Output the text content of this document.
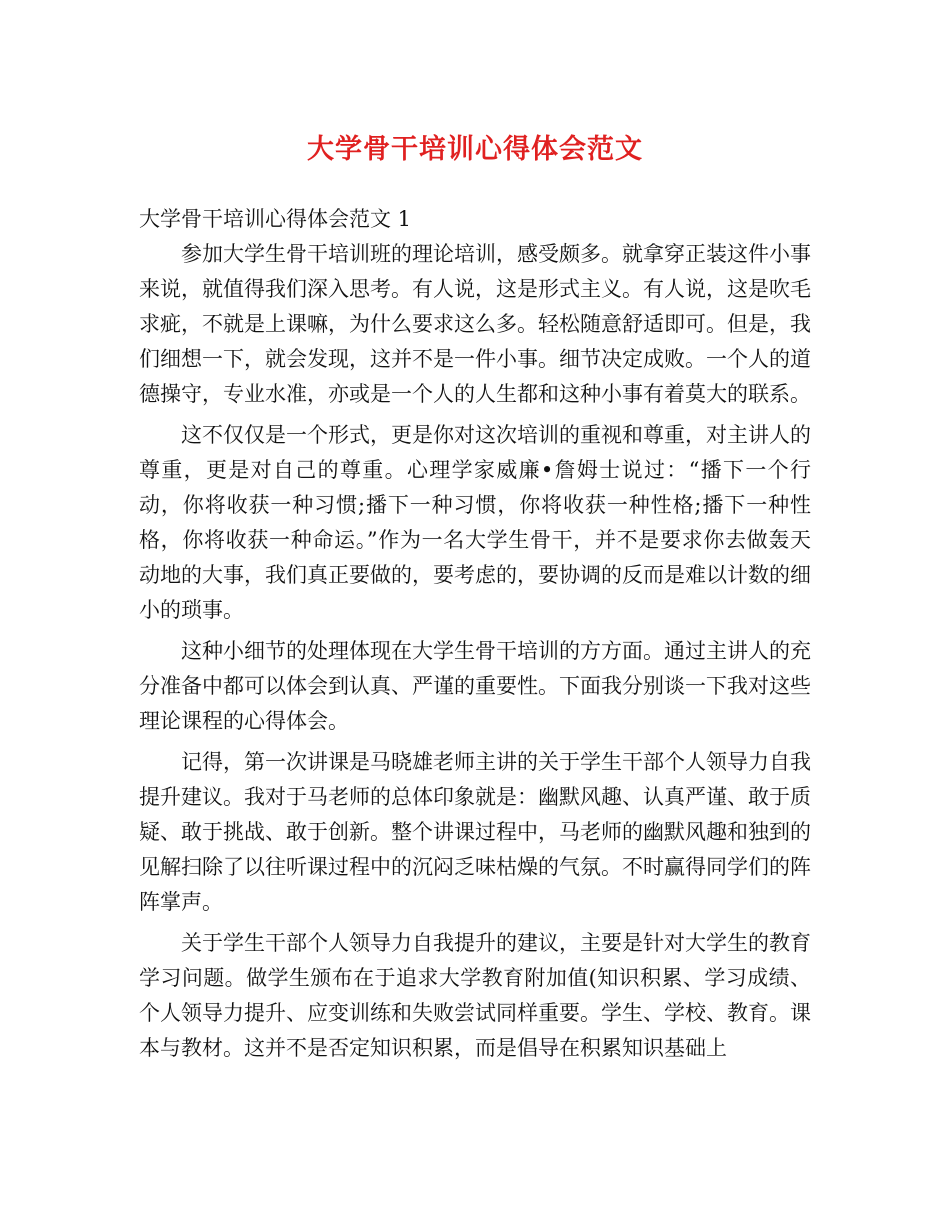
大学骨干培训心得体会范文
大学骨干培训心得体会范文 1

参加大学生骨干培训班的理论培训，感受颇多。就拿穿正装这件小事来说，就值得我们深入思考。有人说，这是形式主义。有人说，这是吹毛求疵，不就是上课嘛，为什么要求这么多。轻松随意舒适即可。但是，我们细想一下，就会发现，这并不是一件小事。细节决定成败。一个人的道德操守，专业水准，亦或是一个人的人生都和这种小事有着莫大的联系。

这不仅仅是一个形式，更是你对这次培训的重视和尊重，对主讲人的尊重，更是对自己的尊重。心理学家威廉•詹姆士说过：“播下一个行动，你将收获一种习惯;播下一种习惯，你将收获一种性格;播下一种性格，你将收获一种命运。”作为一名大学生骨干，并不是要求你去做轰天动地的大事，我们真正要做的，要考虑的，要协调的反而是难以计数的细小的琐事。

这种小细节的处理体现在大学生骨干培训的方方面。通过主讲人的充分准备中都可以体会到认真、严谨的重要性。下面我分别谈一下我对这些理论课程的心得体会。

记得，第一次讲课是马晓雄老师主讲的关于学生干部个人领导力自我提升建议。我对于马老师的总体印象就是：幽默风趣、认真严谨、敢于质疑、敢于挑战、敢于创新。整个讲课过程中，马老师的幽默风趣和独到的见解扫除了以往听课过程中的沉闷乏味枯燥的气氛。不时赢得同学们的阵阵掌声。

关于学生干部个人领导力自我提升的建议，主要是针对大学生的教育学习问题。做学生颁布在于追求大学教育附加值(知识积累、学习成绩、个人领导力提升、应变训练和失败尝试同样重要。学生、学校、教育。课本与教材。这并不是否定知识积累，而是倡导在积累知识基础上
